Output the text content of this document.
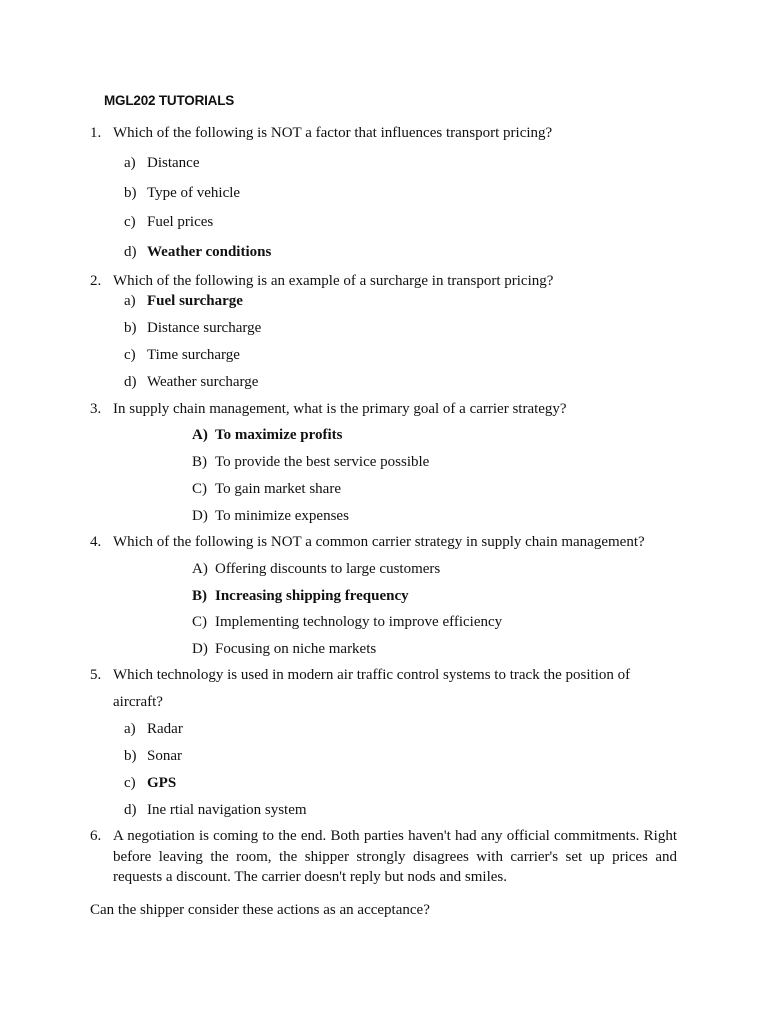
MGL202 TUTORIALS
1. Which of the following is NOT a factor that influences transport pricing?
a) Distance
b) Type of vehicle
c) Fuel prices
d) Weather conditions
2. Which of the following is an example of a surcharge in transport pricing?
a) Fuel surcharge
b) Distance surcharge
c) Time surcharge
d) Weather surcharge
3. In supply chain management, what is the primary goal of a carrier strategy?
A) To maximize profits
B) To provide the best service possible
C) To gain market share
D) To minimize expenses
4. Which of the following is NOT a common carrier strategy in supply chain management?
A) Offering discounts to large customers
B) Increasing shipping frequency
C) Implementing technology to improve efficiency
D) Focusing on niche markets
5. Which technology is used in modern air traffic control systems to track the position of
aircraft?
a) Radar
b) Sonar
c) GPS
d) Ine rtial navigation system
6. A negotiation is coming to the end. Both parties haven't had any official commitments. Right before leaving the room, the shipper strongly disagrees with carrier's set up prices and requests a discount. The carrier doesn't reply but nods and smiles.
Can the shipper consider these actions as an acceptance?
